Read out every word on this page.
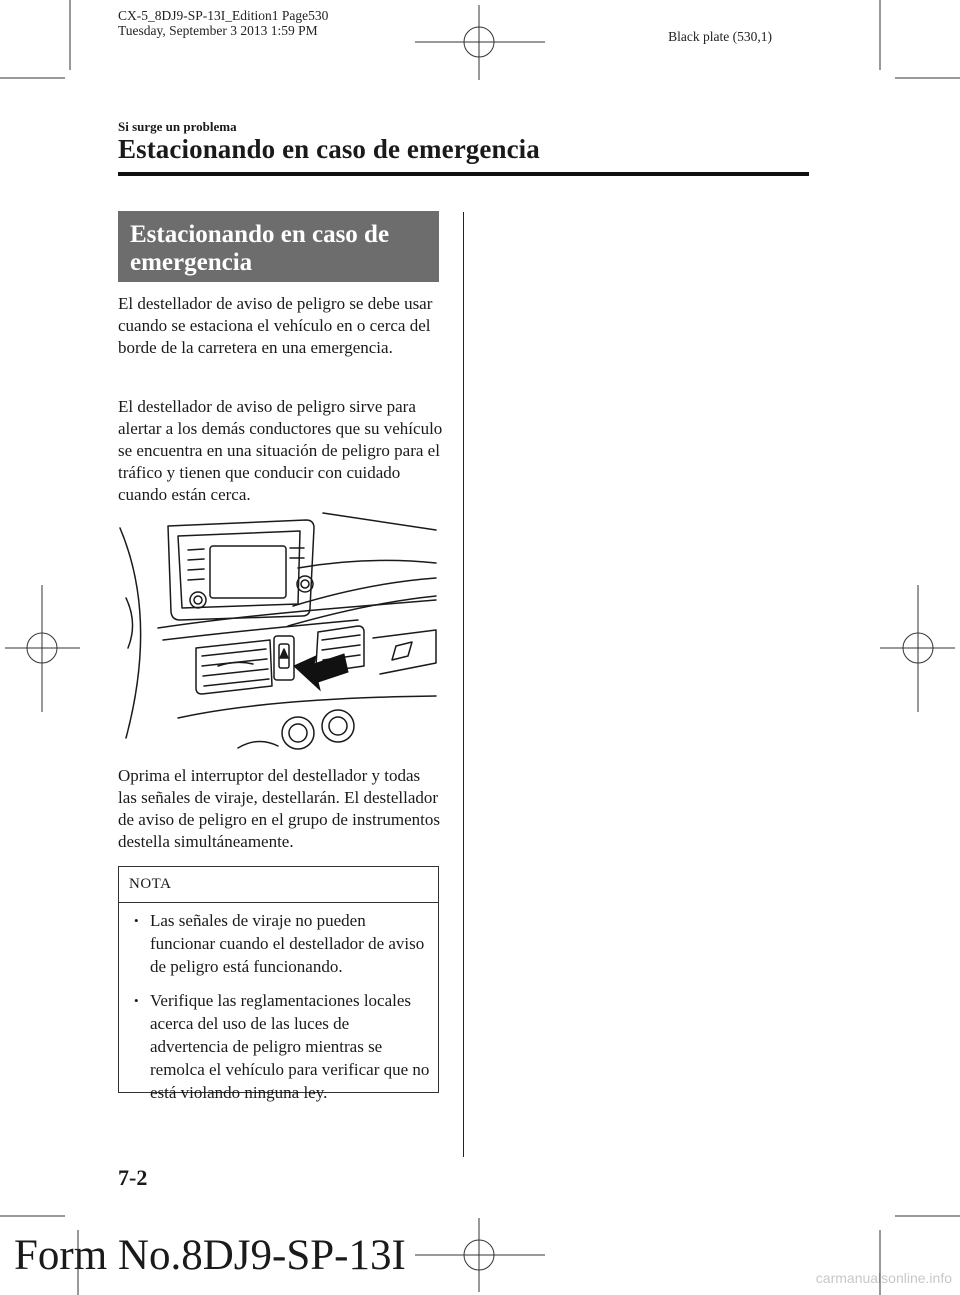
CX-5_8DJ9-SP-13I_Edition1 Page530
Tuesday, September 3 2013 1:59 PM	Black plate (530,1)
Si surge un problema
Estacionando en caso de emergencia
Estacionando en caso de
emergencia
El destellador de aviso de peligro se debe usar cuando se estaciona el vehículo en o cerca del borde de la carretera en una emergencia.
El destellador de aviso de peligro sirve para alertar a los demás conductores que su vehículo se encuentra en una situación de peligro para el tráfico y tienen que conducir con cuidado cuando están cerca.
Oprima el interruptor del destellador y todas las señales de viraje, destellarán. El destellador de aviso de peligro en el grupo de instrumentos destella simultáneamente.
NOTA
• Las señales de viraje no pueden funcionar cuando el destellador de aviso de peligro está funcionando.
• Verifique las reglamentaciones locales acerca del uso de las luces de advertencia de peligro mientras se remolca el vehículo para verificar que no está violando ninguna ley.
7-2
Form No.8DJ9-SP-13I	carmanualsonline.info
